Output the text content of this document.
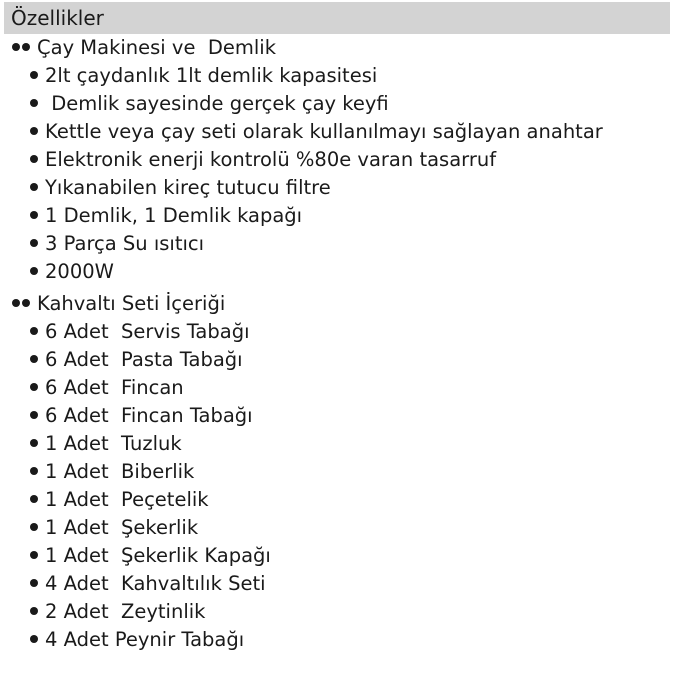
Özellikler
Çay Makinesi ve  Demlik
2lt çaydanlık 1lt demlik kapasitesi
Demlik sayesinde gerçek çay keyfi
Kettle veya çay seti olarak kullanılmayı sağlayan anahtar
Elektronik enerji kontrolü %80e varan tasarruf
Yıkanabilen kireç tutucu filtre
1 Demlik, 1 Demlik kapağı
3 Parça Su ısıtıcı
2000W
Kahvaltı Seti İçeriği
6 Adet  Servis Tabağı
6 Adet  Pasta Tabağı
6 Adet  Fincan
6 Adet  Fincan Tabağı
1 Adet  Tuzluk
1 Adet  Biberlik
1 Adet  Peçetelik
1 Adet  Şekerlik
1 Adet  Şekerlik Kapağı
4 Adet  Kahvaltılık Seti
2 Adet  Zeytinlik
4 Adet Peynir Tabağı
